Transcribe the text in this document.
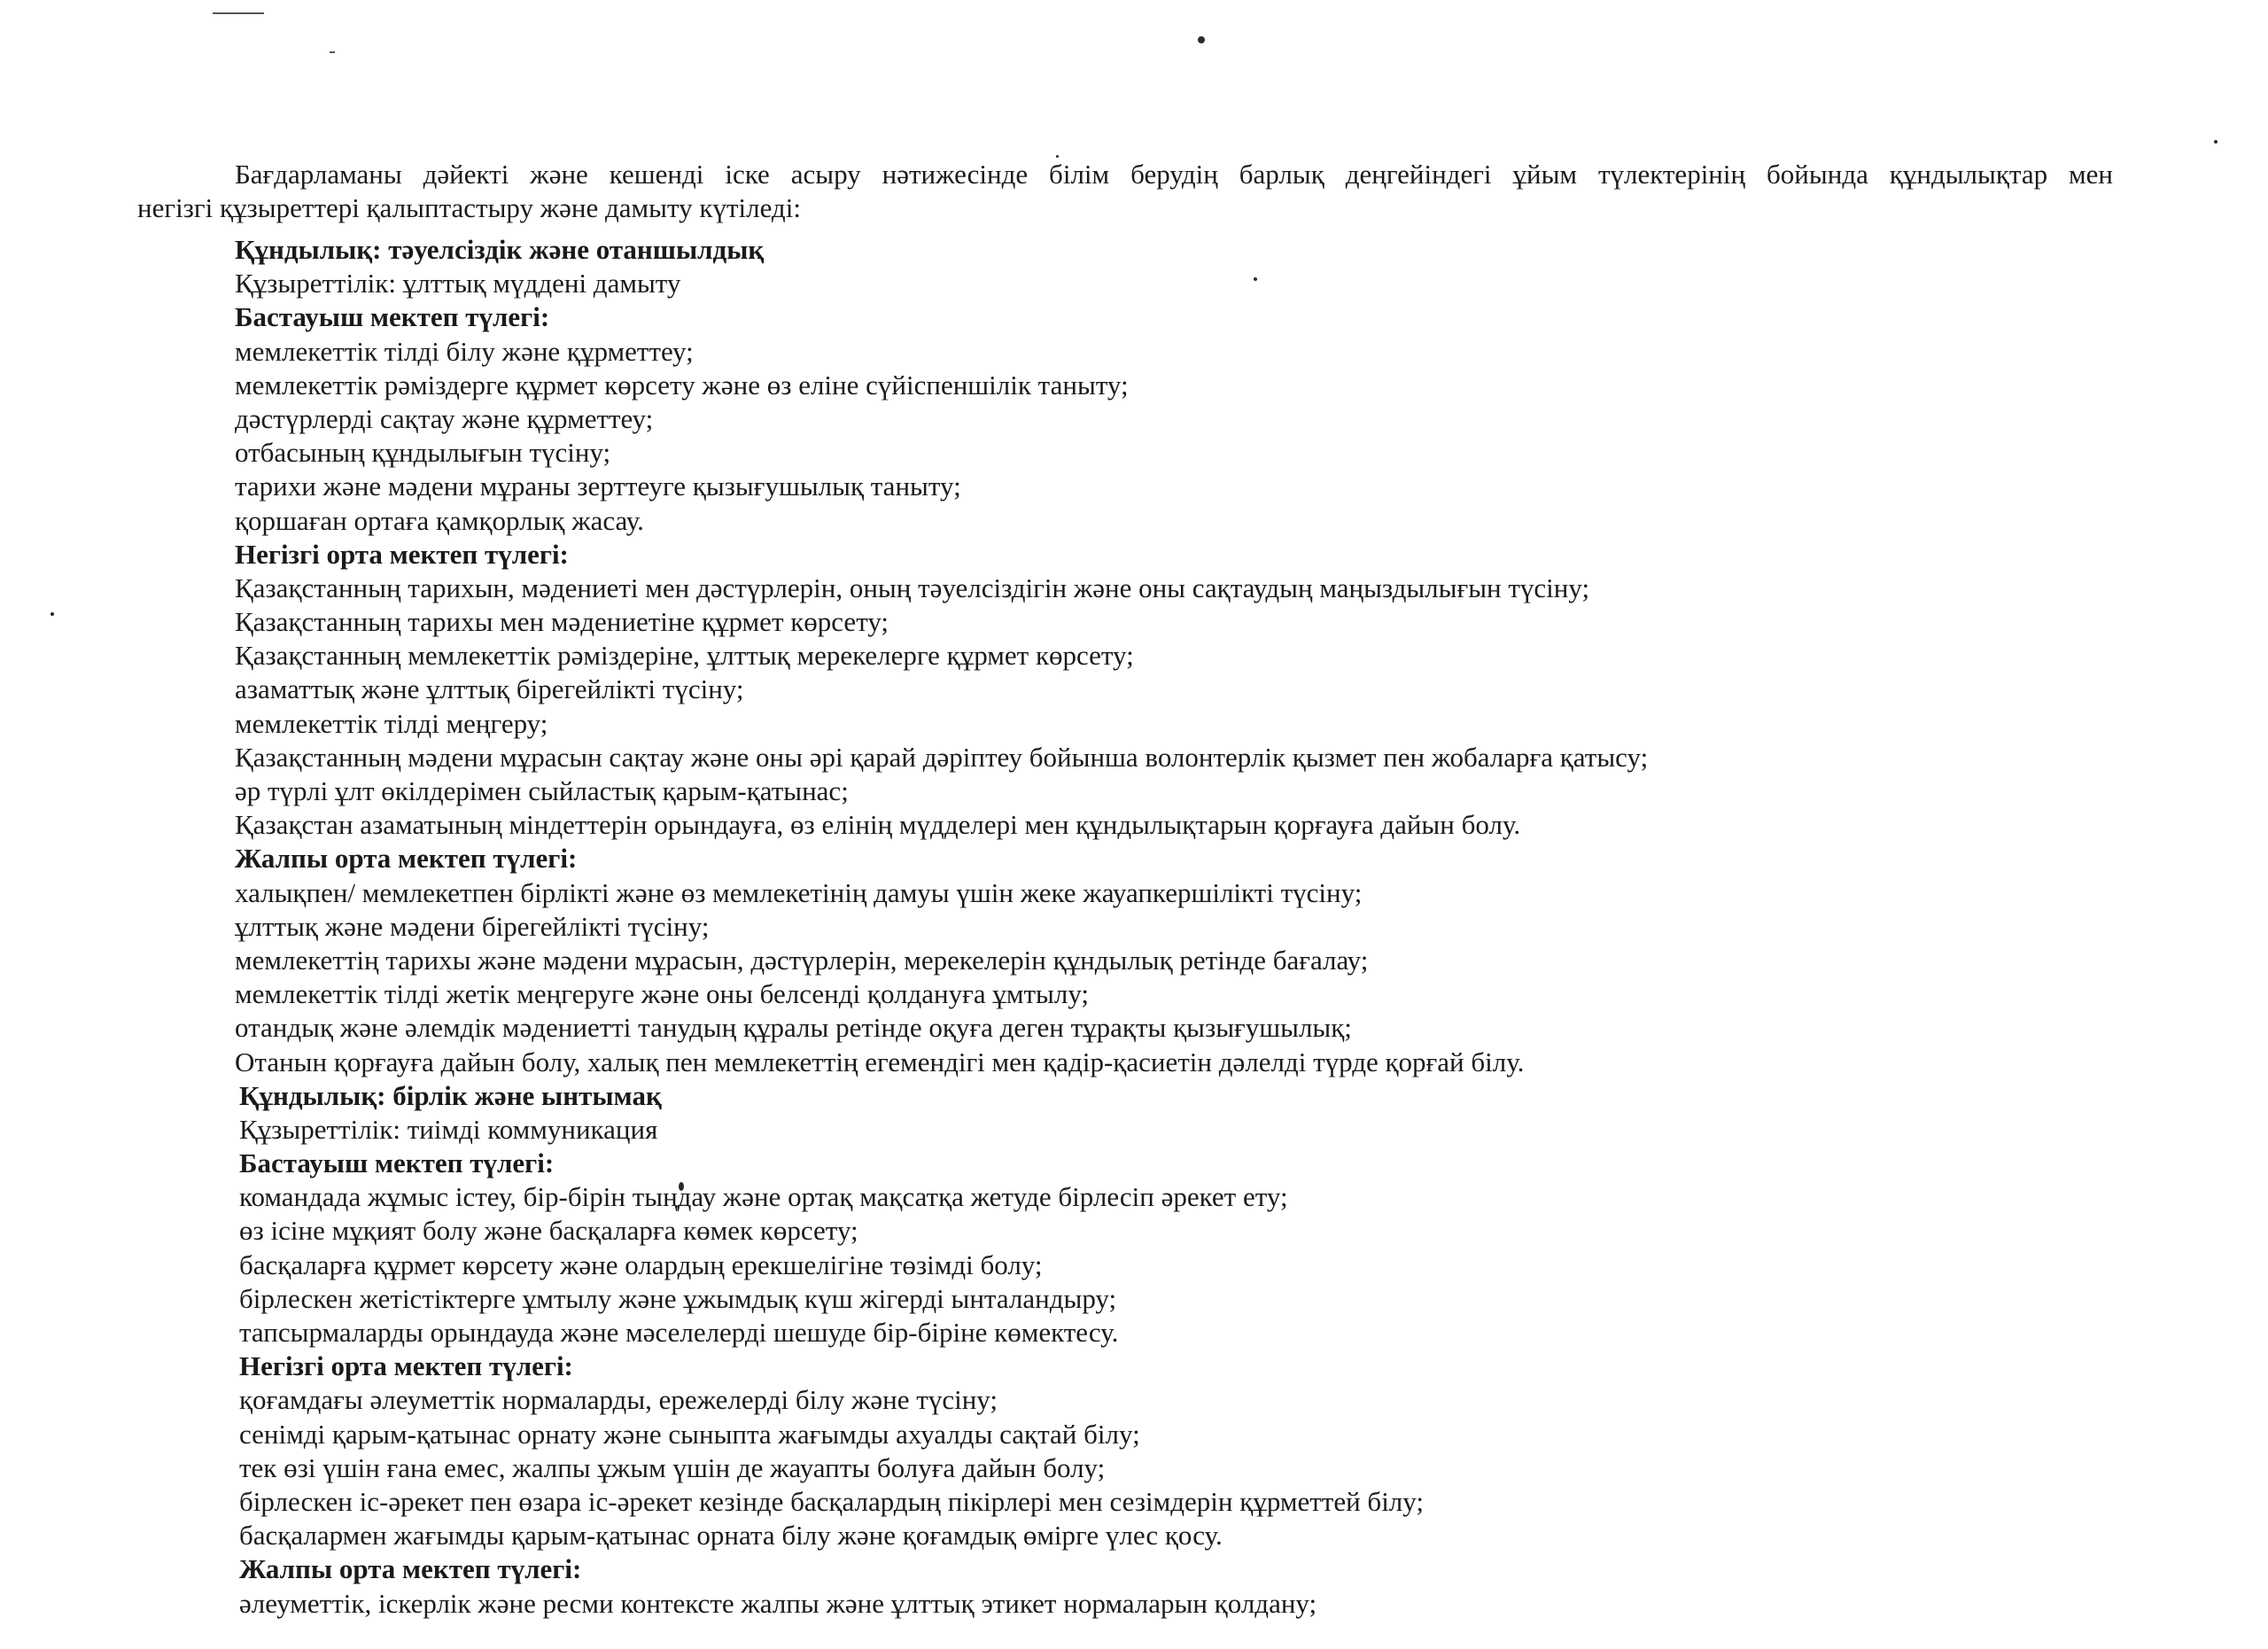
Бағдарламаны дәйекті және кешенді іске асыру нәтижесінде білім берудің барлық деңгейіндегі ұйым түлектерінің бойында құндылықтар мен
негізгі құзыреттері қалыптастыру және дамыту күтіледі:

Құндылық: тәуелсіздік және отаншылдық
Құзыреттілік: ұлттық мүддені дамыту
Бастауыш мектеп түлегі:
мемлекеттік тілді білу және құрметтеу;
мемлекеттік рәміздерге құрмет көрсету және өз еліне сүйіспеншілік таныту;
дәстүрлерді сақтау және құрметтеу;
отбасының құндылығын түсіну;
тарихи және мәдени мұраны зерттеуге қызығушылық таныту;
қоршаған ортаға қамқорлық жасау.
Негізгі орта мектеп түлегі:
Қазақстанның тарихын, мәдениеті мен дәстүрлерін, оның тәуелсіздігін және оны сақтаудың маңыздылығын түсіну;
Қазақстанның тарихы мен мәдениетіне құрмет көрсету;
Қазақстанның мемлекеттік рәміздеріне, ұлттық мерекелерге құрмет көрсету;
азаматтық және ұлттық бірегейлікті түсіну;
мемлекеттік тілді меңгеру;
Қазақстанның мәдени мұрасын сақтау және оны әрі қарай дәріптеу бойынша волонтерлік қызмет пен жобаларға қатысу;
әр түрлі ұлт өкілдерімен сыйластық қарым-қатынас;
Қазақстан азаматының міндеттерін орындауға, өз елінің мүдделері мен құндылықтарын қорғауға дайын болу.
Жалпы орта мектеп түлегі:
халықпен/ мемлекетпен бірлікті және өз мемлекетінің дамуы үшін жеке жауапкершілікті түсіну;
ұлттық және мәдени бірегейлікті түсіну;
мемлекеттің тарихы және мәдени мұрасын, дәстүрлерін, мерекелерін құндылық ретінде бағалау;
мемлекеттік тілді жетік меңгеруге және оны белсенді қолдануға ұмтылу;
отандық және әлемдік мәдениетті танудың құралы ретінде оқуға деген тұрақты қызығушылық;
Отанын қорғауға дайын болу, халық пен мемлекеттің егемендігі мен қадір-қасиетін дәлелді түрде қорғай білу.
Құндылық: бірлік және ынтымақ
Құзыреттілік: тиімді коммуникация
Бастауыш мектеп түлегі:
командада жұмыс істеу, бір-бірін тыңдау және ортақ мақсатқа жетуде бірлесіп әрекет ету;
өз ісіне мұқият болу және басқаларға көмек көрсету;
басқаларға құрмет көрсету және олардың ерекшелігіне төзімді болу;
бірлескен жетістіктерге ұмтылу және ұжымдық күш жігерді ынталандыру;
тапсырмаларды орындауда және мәселелерді шешуде бір-біріне көмектесу.
Негізгі орта мектеп түлегі:
қоғамдағы әлеуметтік нормаларды, ережелерді білу және түсіну;
сенімді қарым-қатынас орнату және сыныпта жағымды ахуалды сақтай білу;
тек өзі үшін ғана емес, жалпы ұжым үшін де жауапты болуға дайын болу;
бірлескен іс-әрекет пен өзара іс-әрекет кезінде басқалардың пікірлері мен сезімдерін құрметтей білу;
басқалармен жағымды қарым-қатынас орната білу және қоғамдық өмірге үлес қосу.
Жалпы орта мектеп түлегі:
әлеуметтік, іскерлік және ресми контексте жалпы және ұлттық этикет нормаларын қолдану;
